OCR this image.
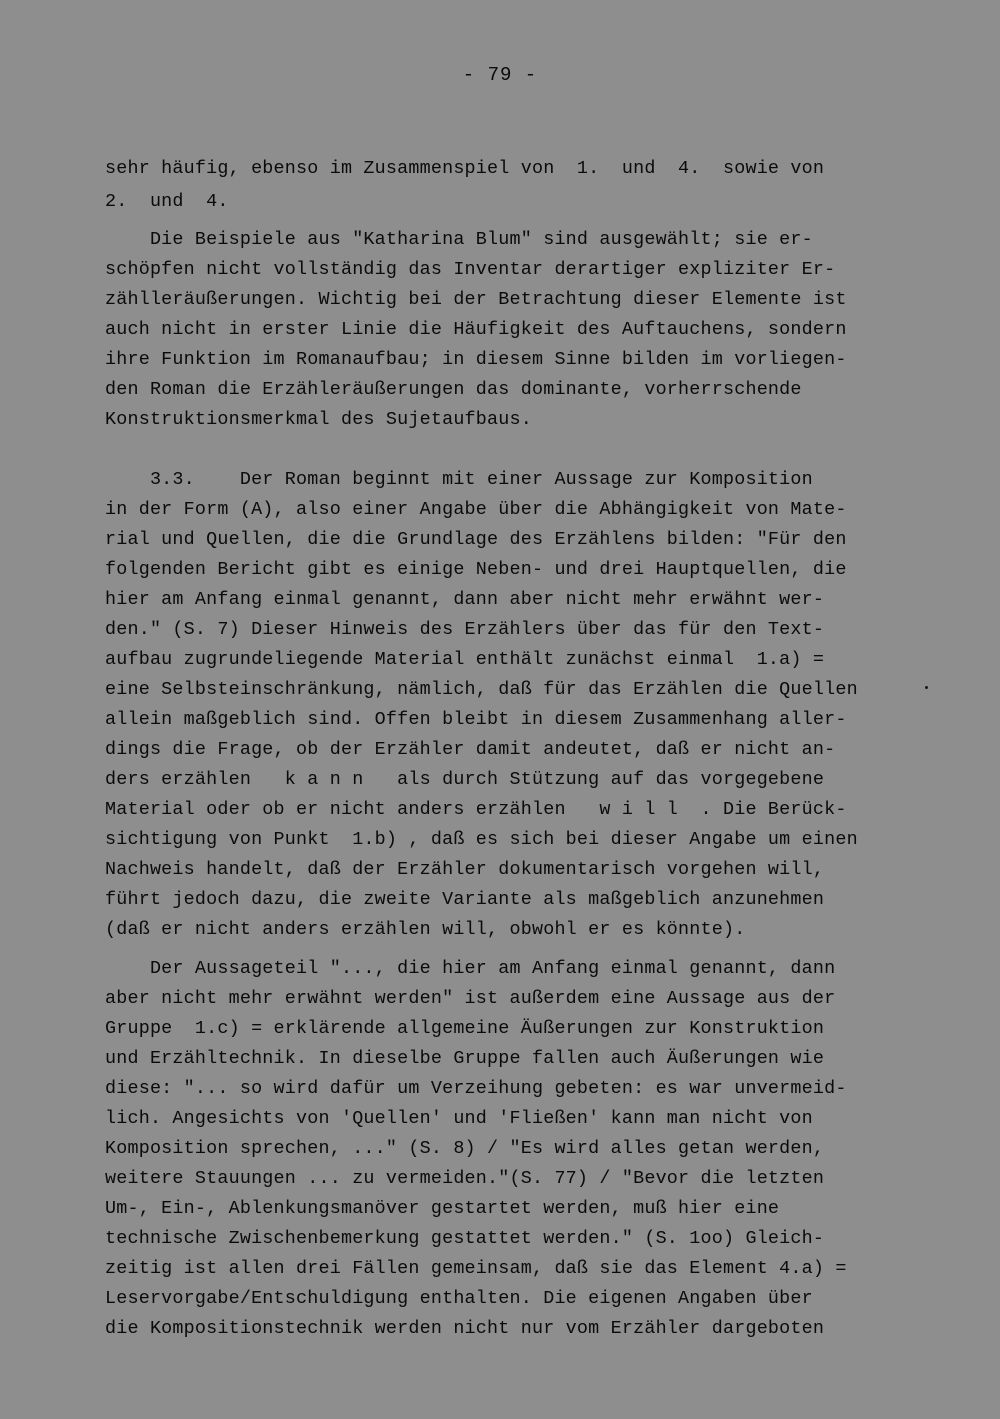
- 79 -
sehr häufig, ebenso im Zusammenspiel von  1.  und  4.  sowie von
2.  und  4.
Die Beispiele aus "Katharina Blum" sind ausgewählt; sie er-
schöpfen nicht vollständig das Inventar derartiger expliziter Er-
zählleräußerungen. Wichtig bei der Betrachtung dieser Elemente ist
auch nicht in erster Linie die Häufigkeit des Auftauchens, sondern
ihre Funktion im Romanaufbau; in diesem Sinne bilden im vorliegen-
den Roman die Erzähleräußerungen das dominante, vorherrschende
Konstruktionsmerkmal des Sujetaufbaus.
3.3.    Der Roman beginnt mit einer Aussage zur Komposition
in der Form (A), also einer Angabe über die Abhängigkeit von Mate-
rial und Quellen, die die Grundlage des Erzählens bilden: "Für den
folgenden Bericht gibt es einige Neben- und drei Hauptquellen, die
hier am Anfang einmal genannt, dann aber nicht mehr erwähnt wer-
den." (S. 7) Dieser Hinweis des Erzählers über das für den Text-
aufbau zugrundeliegende Material enthält zunächst einmal  1.a) =
eine Selbsteinschränkung, nämlich, daß für das Erzählen die Quellen
allein maßgeblich sind. Offen bleibt in diesem Zusammenhang aller-
dings die Frage, ob der Erzähler damit andeutet, daß er nicht an-
ders erzählen   k a n n   als durch Stützung auf das vorgegebene
Material oder ob er nicht anders erzählen   w i l l  . Die Berück-
sichtigung von Punkt  1.b) , daß es sich bei dieser Angabe um einen
Nachweis handelt, daß der Erzähler dokumentarisch vorgehen will,
führt jedoch dazu, die zweite Variante als maßgeblich anzunehmen
(daß er nicht anders erzählen will, obwohl er es könnte).
Der Aussageteil "..., die hier am Anfang einmal genannt, dann
aber nicht mehr erwähnt werden" ist außerdem eine Aussage aus der
Gruppe  1.c) = erklärende allgemeine Äußerungen zur Konstruktion
und Erzähltechnik. In dieselbe Gruppe fallen auch Äußerungen wie
diese: "... so wird dafür um Verzeihung gebeten: es war unvermeid-
lich. Angesichts von 'Quellen' und 'Fließen' kann man nicht von
Komposition sprechen, ..." (S. 8) / "Es wird alles getan werden,
weitere Stauungen ... zu vermeiden."(S. 77) / "Bevor die letzten
Um-, Ein-, Ablenkungsmanöver gestartet werden, muß hier eine
technische Zwischenbemerkung gestattet werden." (S. 1oo) Gleich-
zeitig ist allen drei Fällen gemeinsam, daß sie das Element 4.a) =
Leservorgabe/Entschuldigung enthalten. Die eigenen Angaben über
die Kompositionstechnik werden nicht nur vom Erzähler dargeboten
